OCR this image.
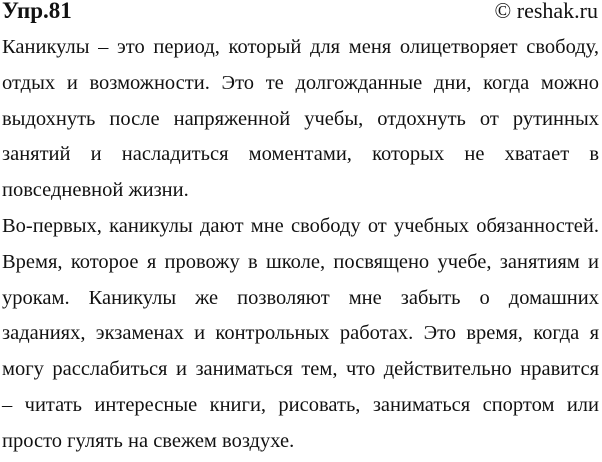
Упр.81	© reshak.ru
Каникулы – это период, который для меня олицетворяет свободу,
отдых и возможности. Это те долгожданные дни, когда можно
выдохнуть после напряженной учебы, отдохнуть от рутинных
занятий и насладиться моментами, которых не хватает в
повседневной жизни.
Во-первых, каникулы дают мне свободу от учебных обязанностей.
Время, которое я провожу в школе, посвящено учебе, занятиям и
урокам. Каникулы же позволяют мне забыть о домашних
заданиях, экзаменах и контрольных работах. Это время, когда я
могу расслабиться и заниматься тем, что действительно нравится
– читать интересные книги, рисовать, заниматься спортом или
просто гулять на свежем воздухе.
